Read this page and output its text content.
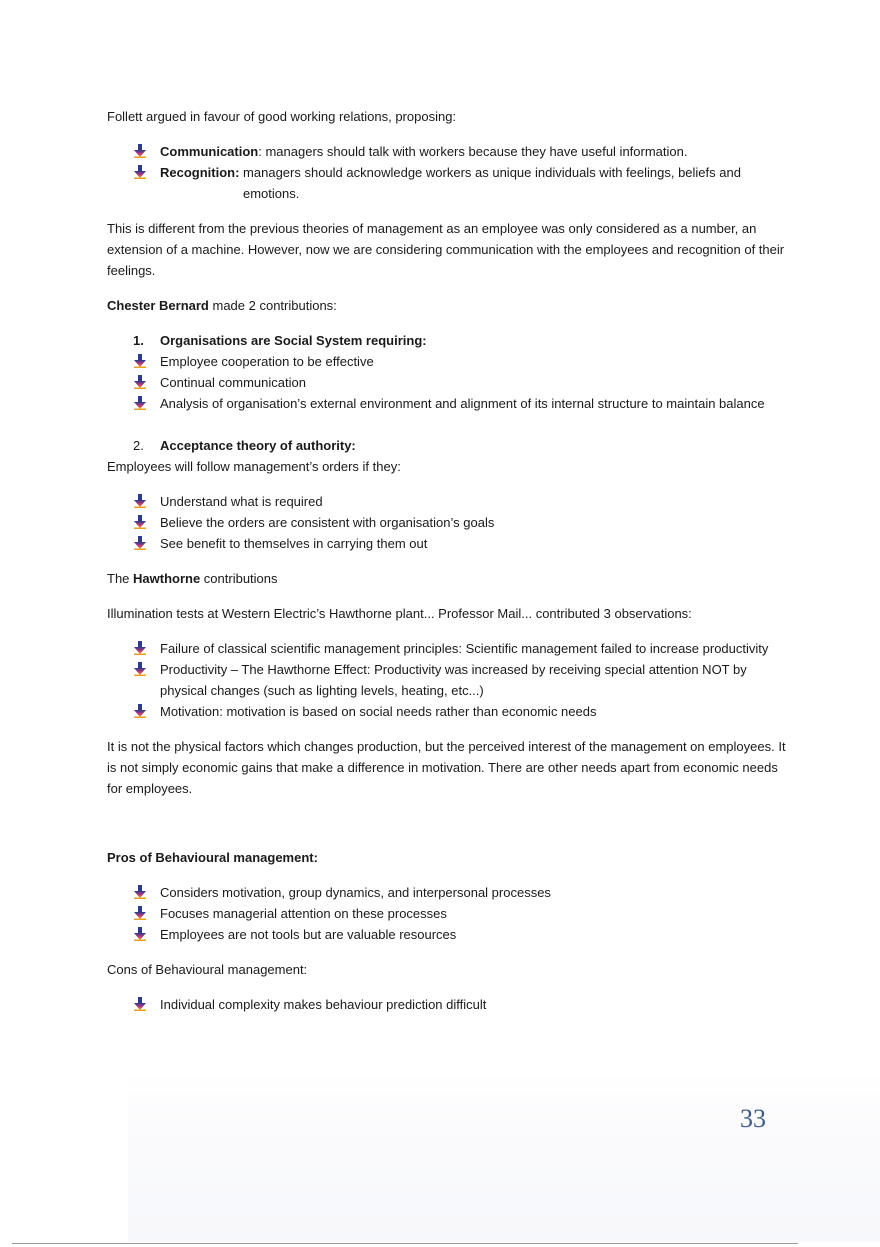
Follett argued in favour of good working relations, proposing:

Communication: managers should talk with workers because they have useful information.
Recognition: managers should acknowledge workers as unique individuals with feelings, beliefs and
emotions.

This is different from the previous theories of management as an employee was only considered as a number, an extension of a machine. However, now we are considering communication with the employees and recognition of their feelings.

Chester Bernard made 2 contributions:

1. Organisations are Social System requiring:

Employee cooperation to be effective
Continual communication
Analysis of organisation’s external environment and alignment of its internal structure to maintain balance

2. Acceptance theory of authority:

Employees will follow management’s orders if they:

Understand what is required
Believe the orders are consistent with organisation’s goals
See benefit to themselves in carrying them out

The Hawthorne contributions

Illumination tests at Western Electric’s Hawthorne plant... Professor Mail... contributed 3 observations:

Failure of classical scientific management principles: Scientific management failed to increase productivity
Productivity – The Hawthorne Effect: Productivity was increased by receiving special attention NOT by physical changes (such as lighting levels, heating, etc...)
Motivation: motivation is based on social needs rather than economic needs

It is not the physical factors which changes production, but the perceived interest of the management on employees. It is not simply economic gains that make a difference in motivation. There are other needs apart from economic needs for employees.

Pros of Behavioural management:

Considers motivation, group dynamics, and interpersonal processes
Focuses managerial attention on these processes
Employees are not tools but are valuable resources

Cons of Behavioural management:

Individual complexity makes behaviour prediction difficult
33
